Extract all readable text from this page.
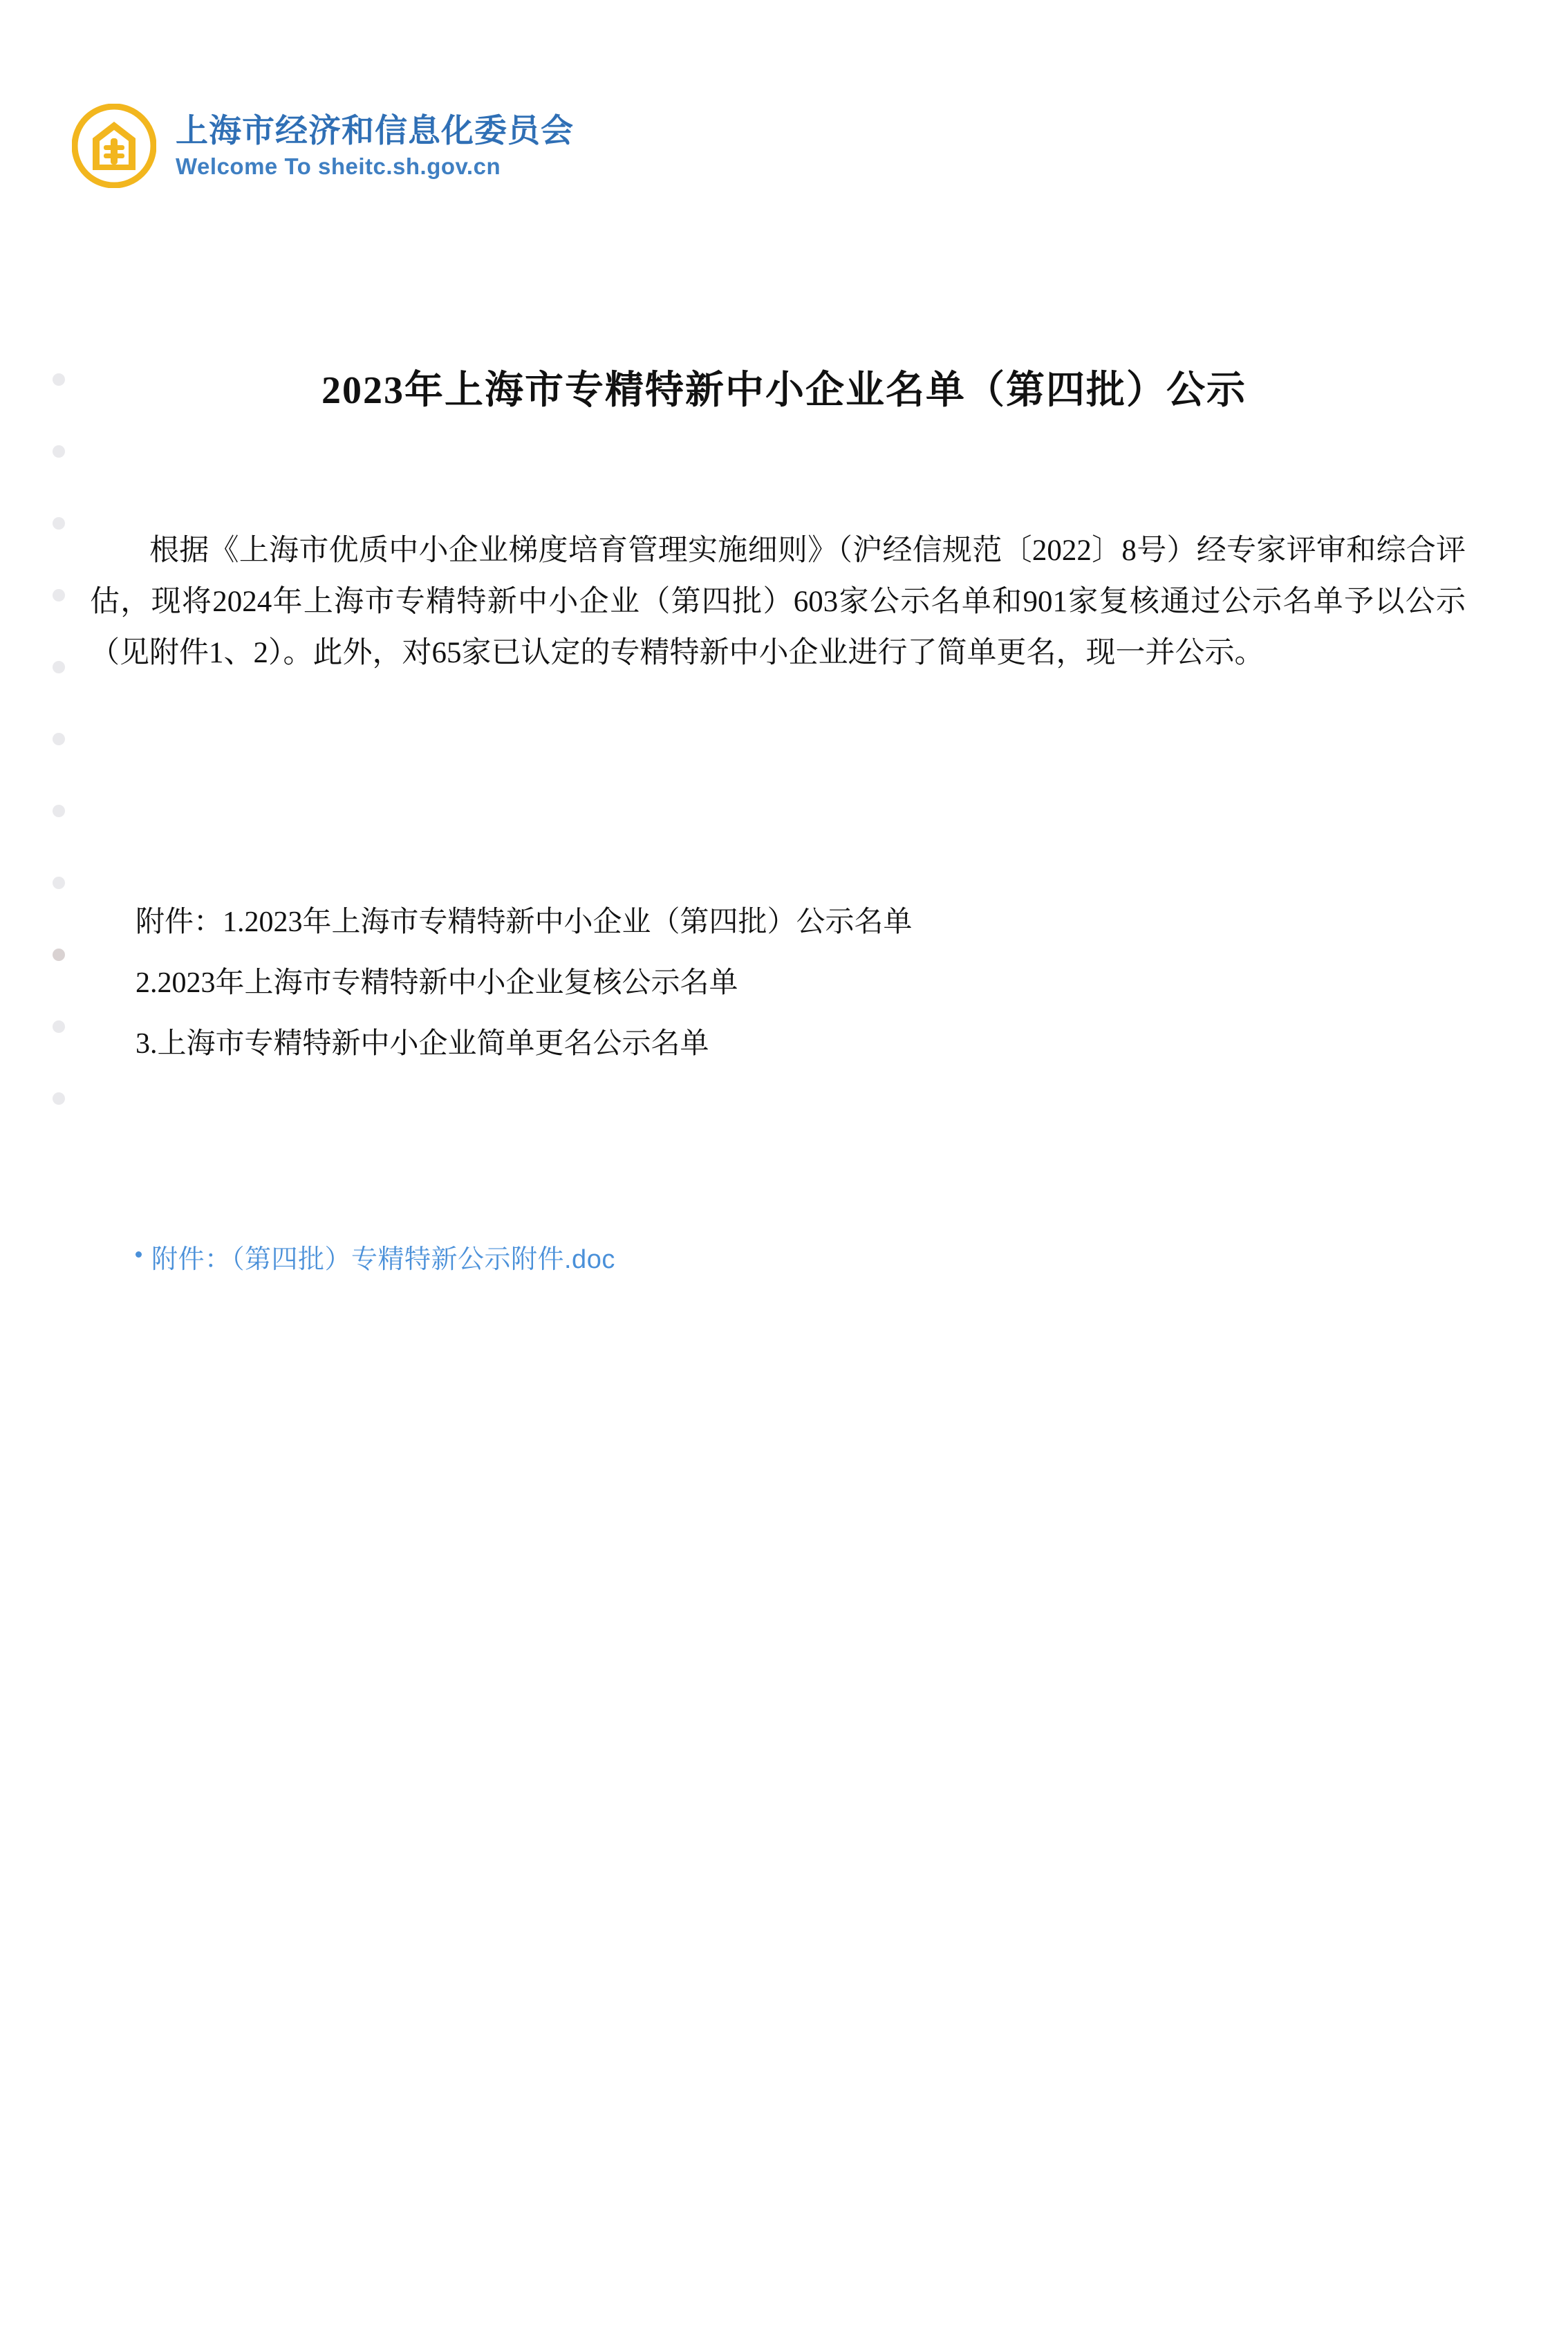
上海市经济和信息化委员会
Welcome To sheitc.sh.gov.cn
2023年上海市专精特新中小企业名单（第四批）公示
根据《上海市优质中小企业梯度培育管理实施细则》（沪经信规范〔2022〕8号）经专家评审和综合评估，现将2024年上海市专精特新中小企业（第四批）603家公示名单和901家复核通过公示名单予以公示（见附件1、2）。此外，对65家已认定的专精特新中小企业进行了简单更名，现一并公示。
附件：1.2023年上海市专精特新中小企业（第四批）公示名单
2.2023年上海市专精特新中小企业复核公示名单
3.上海市专精特新中小企业简单更名公示名单
附件：（第四批）专精特新公示附件.doc
